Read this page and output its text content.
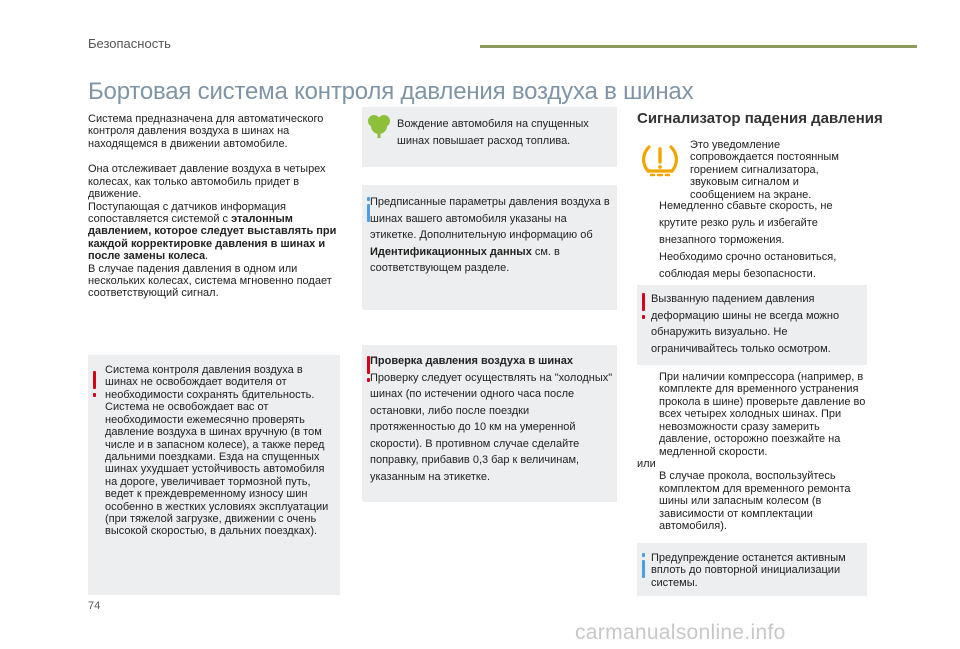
Безопасность
Бортовая система контроля давления воздуха в шинах

Система предназначена для автоматического контроля давления воздуха в шинах на находящемся в движении автомобиле.

Она отслеживает давление воздуха в четырех колесах, как только автомобиль придет в движение.

Поступающая с датчиков информация сопоставляется системой с эталонным давлением, которое следует выставлять при каждой корректировке давления в шинах и после замены колеса.

В случае падения давления в одном или нескольких колесах, система мгновенно подает соответствующий сигнал.

Система контроля давления воздуха в шинах не освобождает водителя от необходимости сохранять бдительность. Система не освобождает вас от необходимости ежемесячно проверять давление воздуха в шинах вручную (в том числе и в запасном колесе), а также перед дальними поездками. Езда на спущенных шинах ухудшает устойчивость автомобиля на дороге, увеличивает тормозной путь, ведет к преждевременному износу шин особенно в жестких условиях эксплуатации (при тяжелой загрузке, движении с очень высокой скоростью, в дальних поездках).
Вождение автомобиля на спущенных шинах повышает расход топлива.
Предписанные параметры давления воздуха в шинах вашего автомобиля указаны на этикетке. Дополнительную информацию об Идентификационных данных см. в соответствующем разделе.
Проверка давления воздуха в шинах
Проверку следует осуществлять на "холодных" шинах (по истечении одного часа после остановки, либо после поездки протяженностью до 10 км на умеренной скорости). В противном случае сделайте поправку, прибавив 0,3 бар к величинам, указанным на этикетке.
Сигнализатор падения давления
Это уведомление сопровождается постоянным горением сигнализатора, звуковым сигналом и сообщением на экране.
Немедленно сбавьте скорость, не крутите резко руль и избегайте внезапного торможения.
Необходимо срочно остановиться, соблюдая меры безопасности.
Вызванную падением давления деформацию шины не всегда можно обнаружить визуально. Не ограничивайтесь только осмотром.
При наличии компрессора (например, в комплекте для временного устранения прокола в шине) проверьте давление во всех четырех холодных шинах. При невозможности сразу замерить давление, осторожно поезжайте на медленной скорости.
или
В случае прокола, воспользуйтесь комплектом для временного ремонта шины или запасным колесом (в зависимости от комплектации автомобиля).
Предупреждение останется активным вплоть до повторной инициализации системы.
74
carmanualsonline.info
